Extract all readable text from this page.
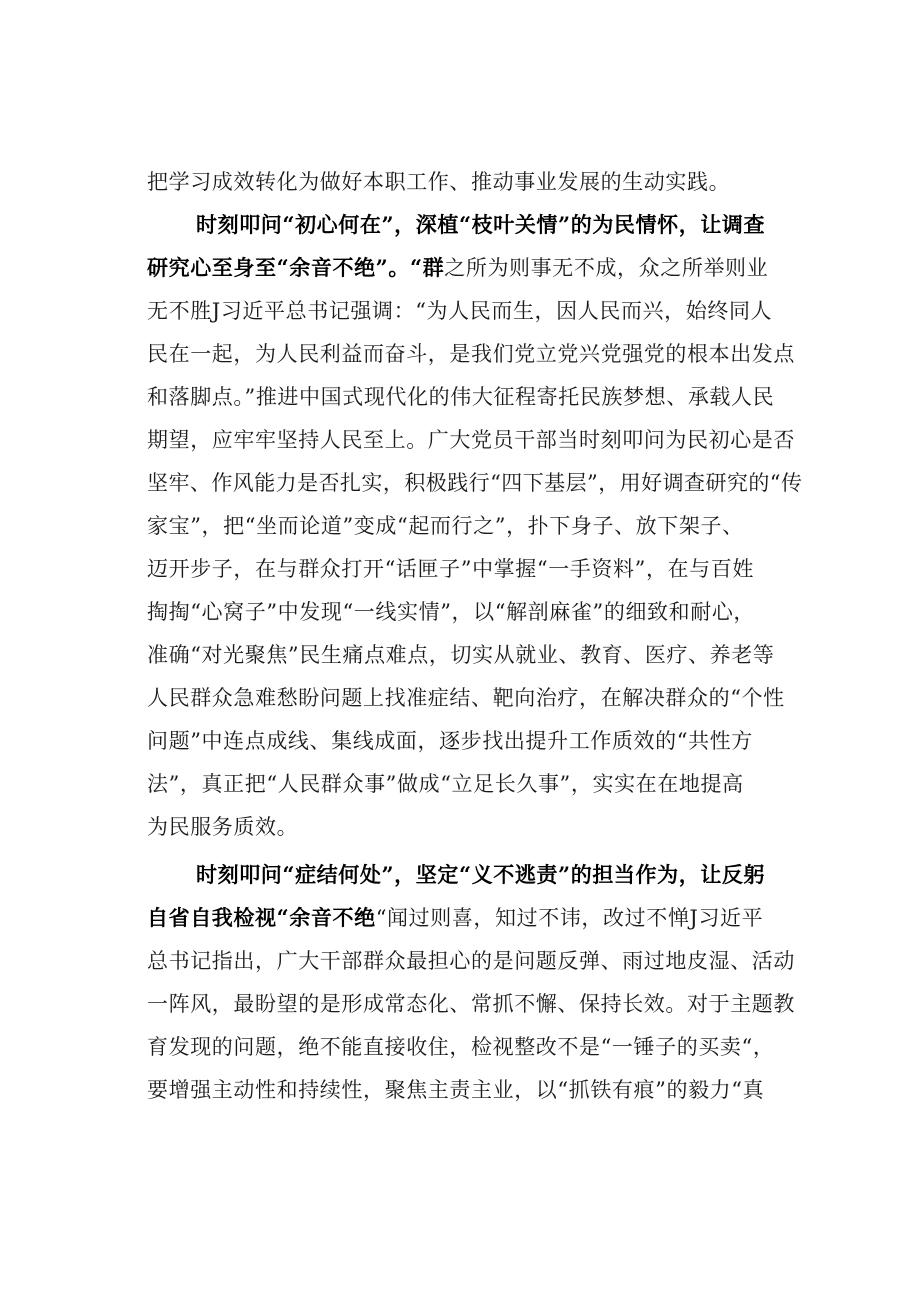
把学习成效转化为做好本职工作、推动事业发展的生动实践。
时刻叩问“初心何在”，深植“枝叶关情”的为民情怀，让调查
研究心至身至“余音不绝”。“群之所为则事无不成，众之所举则业
无不胜J习近平总书记强调：“为人民而生，因人民而兴，始终同人
民在一起，为人民利益而奋斗，是我们党立党兴党强党的根本出发点
和落脚点。”推进中国式现代化的伟大征程寄托民族梦想、承载人民
期望，应牢牢坚持人民至上。广大党员干部当时刻叩问为民初心是否
坚牢、作风能力是否扎实，积极践行“四下基层”，用好调查研究的“传
家宝”，把“坐而论道”变成“起而行之”，扑下身子、放下架子、
迈开步子，在与群众打开“话匣子”中掌握“一手资料”，在与百姓
掏掏“心窝子”中发现“一线实情”，以“解剖麻雀”的细致和耐心，
准确“对光聚焦”民生痛点难点，切实从就业、教育、医疗、养老等
人民群众急难愁盼问题上找准症结、靶向治疗，在解决群众的“个性
问题”中连点成线、集线成面，逐步找出提升工作质效的“共性方
法”，真正把“人民群众事”做成“立足长久事”，实实在在地提高
为民服务质效。
时刻叩问“症结何处”，坚定“义不逃责”的担当作为，让反躬
自省自我检视“余音不绝“闻过则喜，知过不讳，改过不惮J习近平
总书记指出，广大干部群众最担心的是问题反弹、雨过地皮湿、活动
一阵风，最盼望的是形成常态化、常抓不懈、保持长效。对于主题教
育发现的问题，绝不能直接收住，检视整改不是“一锤子的买卖“，
要增强主动性和持续性，聚焦主责主业，以“抓铁有痕”的毅力“真
